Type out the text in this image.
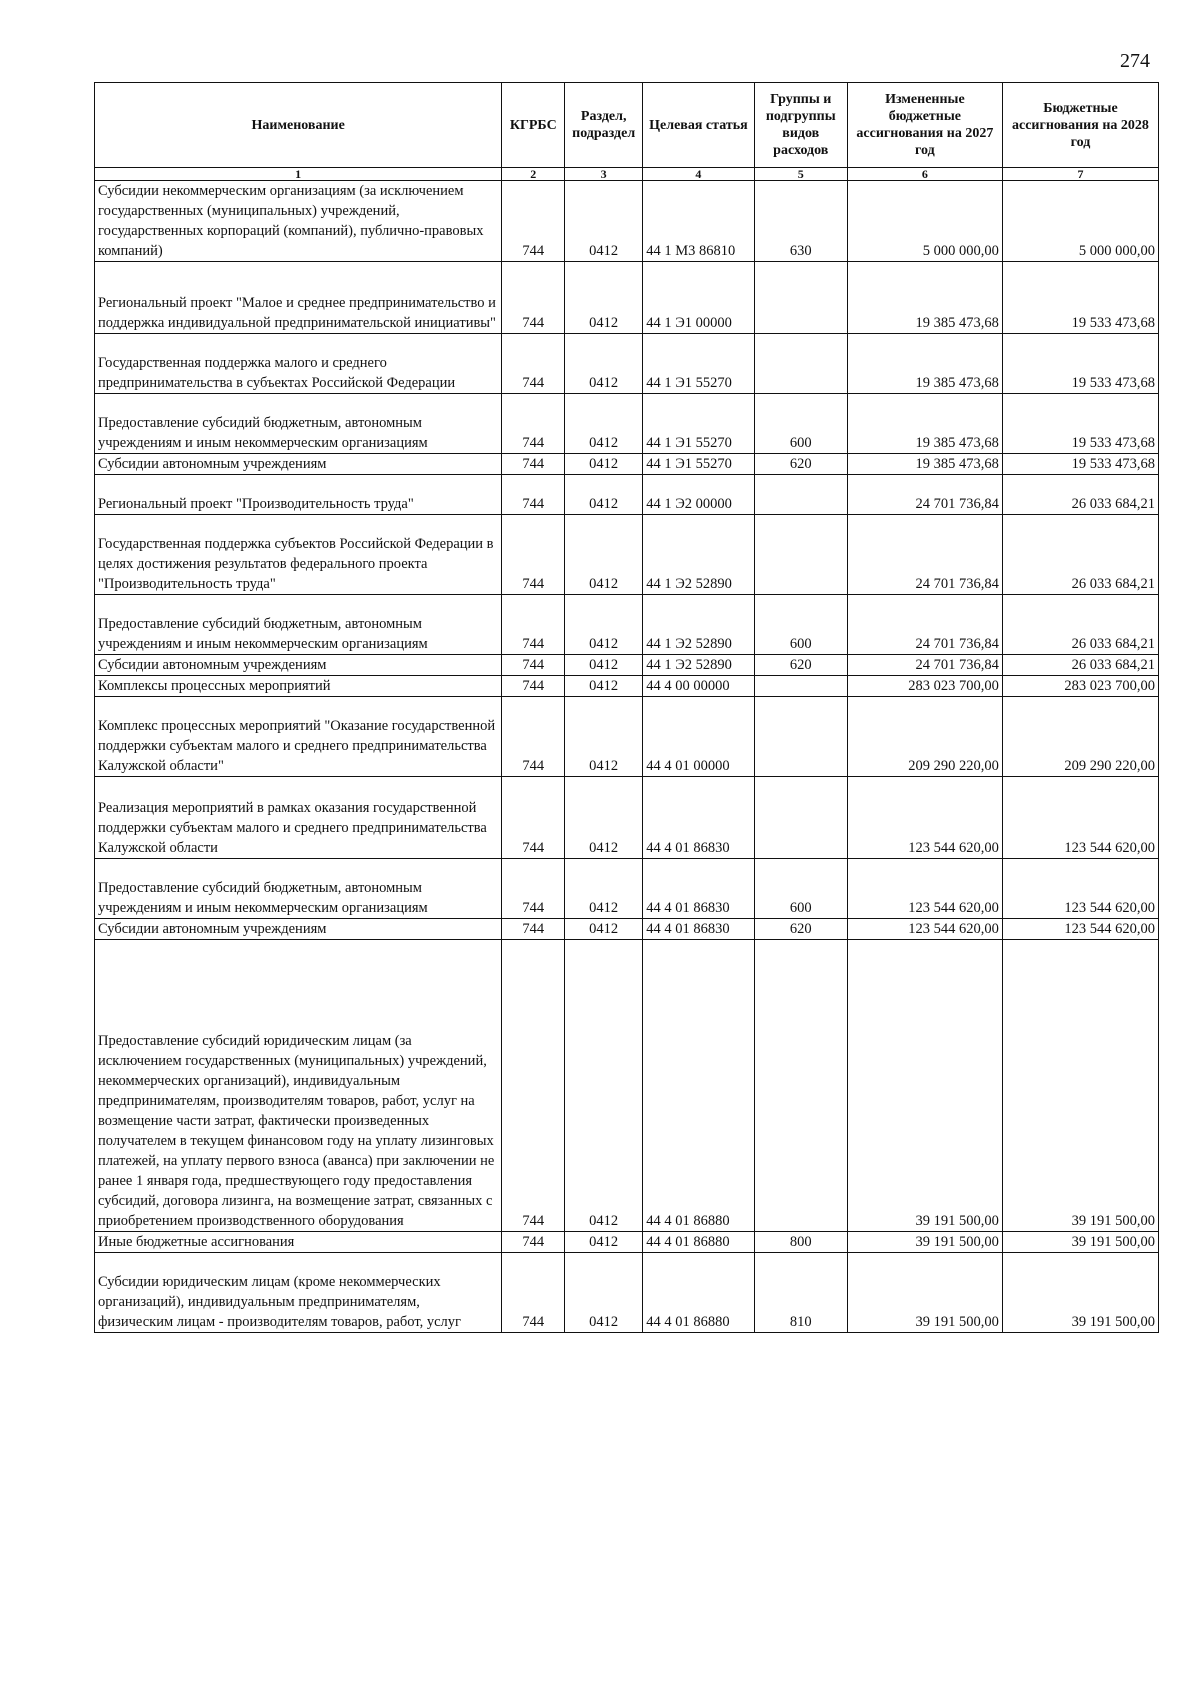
274
Наименование	КГРБС	Раздел, подраздел	Целевая статья	Группы и подгруппы видов расходов	Измененные бюджетные ассигнования на 2027 год	Бюджетные ассигнования на 2028 год
1	2	3	4	5	6	7
Субсидии некоммерческим организациям (за исключением государственных (муниципальных) учреждений, государственных корпораций (компаний), публично-правовых компаний)	744	0412	44 1 М3 86810	630	5 000 000,00	5 000 000,00
Региональный проект "Малое и среднее предпринимательство и поддержка индивидуальной предпринимательской инициативы"	744	0412	44 1 Э1 00000		19 385 473,68	19 533 473,68
Государственная поддержка малого и среднего предпринимательства в субъектах Российской Федерации	744	0412	44 1 Э1 55270		19 385 473,68	19 533 473,68
Предоставление субсидий бюджетным, автономным учреждениям и иным некоммерческим организациям	744	0412	44 1 Э1 55270	600	19 385 473,68	19 533 473,68
Субсидии автономным учреждениям	744	0412	44 1 Э1 55270	620	19 385 473,68	19 533 473,68
Региональный проект "Производительность труда"	744	0412	44 1 Э2 00000		24 701 736,84	26 033 684,21
Государственная поддержка субъектов Российской Федерации в целях достижения результатов федерального проекта "Производительность труда"	744	0412	44 1 Э2 52890		24 701 736,84	26 033 684,21
Предоставление субсидий бюджетным, автономным учреждениям и иным некоммерческим организациям	744	0412	44 1 Э2 52890	600	24 701 736,84	26 033 684,21
Субсидии автономным учреждениям	744	0412	44 1 Э2 52890	620	24 701 736,84	26 033 684,21
Комплексы процессных мероприятий	744	0412	44 4 00 00000		283 023 700,00	283 023 700,00
Комплекс процессных мероприятий "Оказание государственной поддержки субъектам малого и среднего предпринимательства Калужской области"	744	0412	44 4 01 00000		209 290 220,00	209 290 220,00
Реализация мероприятий в рамках оказания государственной поддержки субъектам малого и среднего предпринимательства Калужской области	744	0412	44 4 01 86830		123 544 620,00	123 544 620,00
Предоставление субсидий бюджетным, автономным учреждениям и иным некоммерческим организациям	744	0412	44 4 01 86830	600	123 544 620,00	123 544 620,00
Субсидии автономным учреждениям	744	0412	44 4 01 86830	620	123 544 620,00	123 544 620,00
Предоставление субсидий юридическим лицам (за исключением государственных (муниципальных) учреждений, некоммерческих организаций), индивидуальным предпринимателям, производителям товаров, работ, услуг на возмещение части затрат, фактически произведенных получателем в текущем финансовом году на уплату лизинговых платежей, на уплату первого взноса (аванса) при заключении не ранее 1 января года, предшествующего году предоставления субсидий, договора лизинга, на возмещение затрат, связанных с приобретением производственного оборудования	744	0412	44 4 01 86880		39 191 500,00	39 191 500,00
Иные бюджетные ассигнования	744	0412	44 4 01 86880	800	39 191 500,00	39 191 500,00
Субсидии юридическим лицам (кроме некоммерческих организаций), индивидуальным предпринимателям, физическим лицам - производителям товаров, работ, услуг	744	0412	44 4 01 86880	810	39 191 500,00	39 191 500,00
